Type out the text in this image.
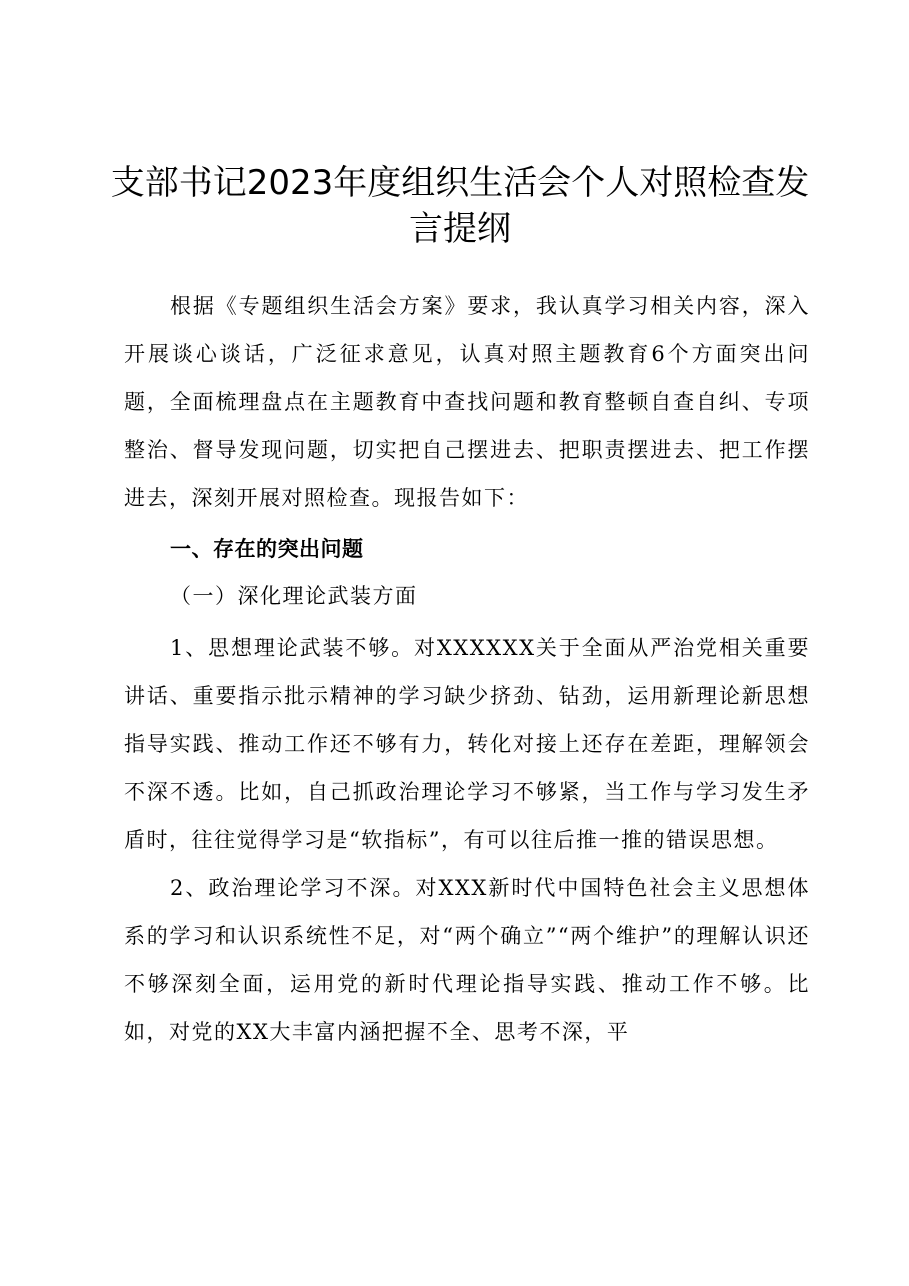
支部书记2023年度组织生活会个人对照检查发言提纲

根据《专题组织生活会方案》要求，我认真学习相关内容，深入开展谈心谈话，广泛征求意见，认真对照主题教育6个方面突出问题，全面梳理盘点在主题教育中查找问题和教育整顿自查自纠、专项整治、督导发现问题，切实把自己摆进去、把职责摆进去、把工作摆进去，深刻开展对照检查。现报告如下：

一、存在的突出问题

（一）深化理论武装方面

1、思想理论武装不够。对XXXXXX关于全面从严治党相关重要讲话、重要指示批示精神的学习缺少挤劲、钻劲，运用新理论新思想指导实践、推动工作还不够有力，转化对接上还存在差距，理解领会不深不透。比如，自己抓政治理论学习不够紧，当工作与学习发生矛盾时，往往觉得学习是“软指标”，有可以往后推一推的错误思想。

2、政治理论学习不深。对XXX新时代中国特色社会主义思想体系的学习和认识系统性不足，对“两个确立”“两个维护”的理解认识还不够深刻全面，运用党的新时代理论指导实践、推动工作不够。比如，对党的XX大丰富内涵把握不全、思考不深，平
